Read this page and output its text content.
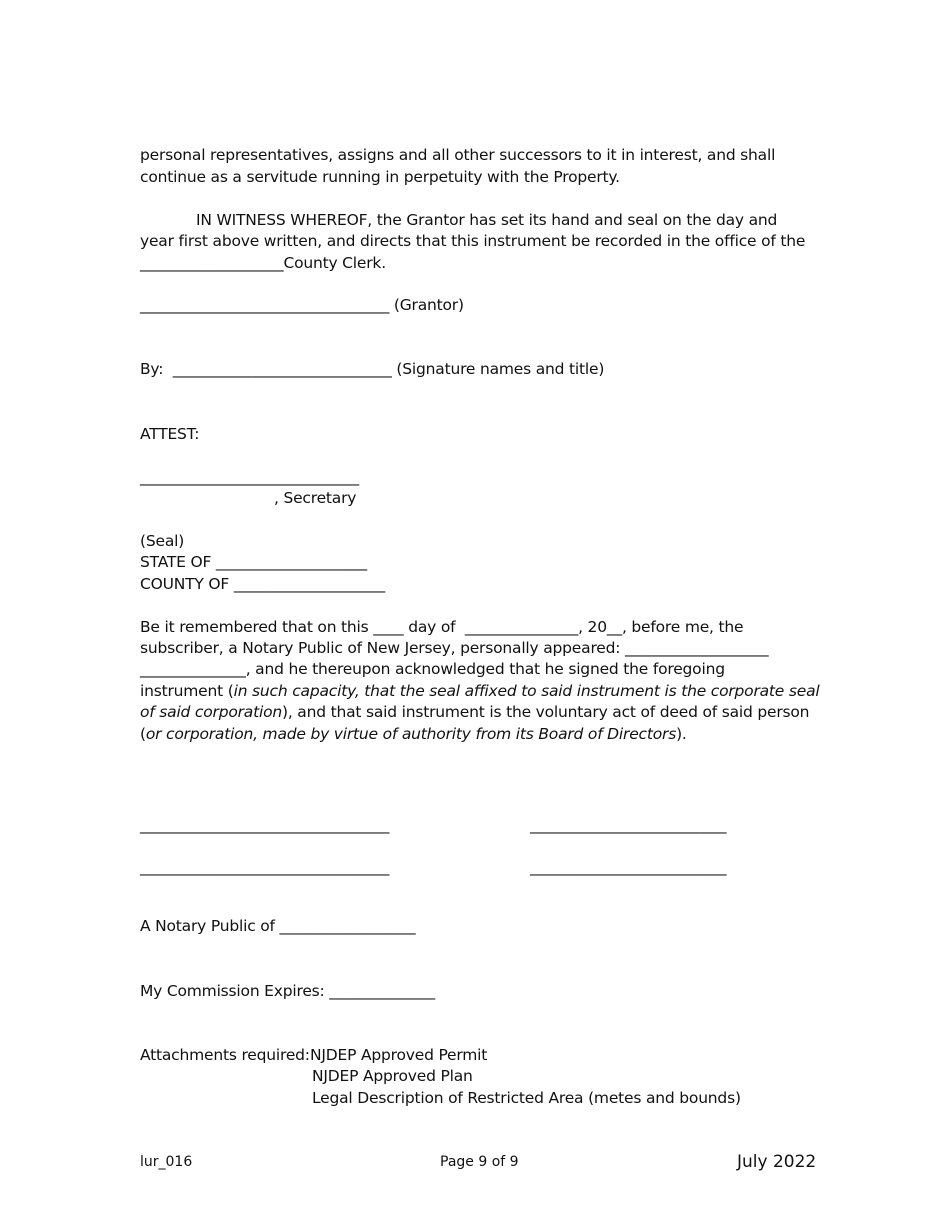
personal representatives, assigns and all other successors to it in interest, and shall
continue as a servitude running in perpetuity with the Property.
IN WITNESS WHEREOF, the Grantor has set its hand and seal on the day and
year first above written, and directs that this instrument be recorded in the office of the
___________________County Clerk.
_________________________________ (Grantor)
By:  _____________________________ (Signature names and title)
ATTEST:
_____________________________
, Secretary
(Seal)
STATE OF ____________________
COUNTY OF ____________________
Be it remembered that on this ____ day of  _______________, 20__, before me, the
subscriber, a Notary Public of New Jersey, personally appeared: ___________________
______________, and he thereupon acknowledged that he signed the foregoing
instrument (in such capacity, that the seal affixed to said instrument is the corporate seal
of said corporation), and that said instrument is the voluntary act of deed of said person
(or corporation, made by virtue of authority from its Board of Directors).
_________________________________	__________________________
_________________________________	__________________________
A Notary Public of __________________
My Commission Expires: ______________
Attachments required: NJDEP Approved Permit
NJDEP Approved Plan
Legal Description of Restricted Area (metes and bounds)
lur_016	Page 9 of 9	July 2022
